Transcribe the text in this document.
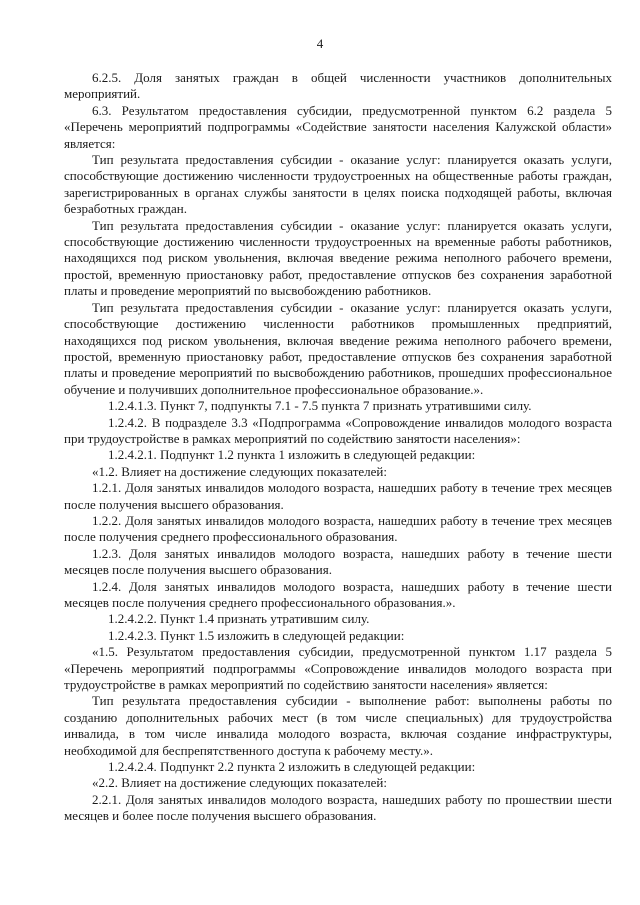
4

6.2.5. Доля занятых граждан в общей численности участников дополнительных мероприятий.

6.3. Результатом предоставления субсидии, предусмотренной пунктом 6.2 раздела 5 «Перечень мероприятий подпрограммы «Содействие занятости населения Калужской области» является:

Тип результата предоставления субсидии - оказание услуг: планируется оказать услуги, способствующие достижению численности трудоустроенных на общественные работы граждан, зарегистрированных в органах службы занятости в целях поиска подходящей работы, включая безработных граждан.

Тип результата предоставления субсидии - оказание услуг: планируется оказать услуги, способствующие достижению численности трудоустроенных на временные работы работников, находящихся под риском увольнения, включая введение режима неполного рабочего времени, простой, временную приостановку работ, предоставление отпусков без сохранения заработной платы и проведение мероприятий по высвобождению работников.

Тип результата предоставления субсидии - оказание услуг: планируется оказать услуги, способствующие достижению численности работников промышленных предприятий, находящихся под риском увольнения, включая введение режима неполного рабочего времени, простой, временную приостановку работ, предоставление отпусков без сохранения заработной платы и проведение мероприятий по высвобождению работников, прошедших профессиональное обучение и получивших дополнительное профессиональное образование.».

1.2.4.1.3. Пункт 7, подпункты 7.1 - 7.5 пункта 7 признать утратившими силу.

1.2.4.2. В подразделе 3.3 «Подпрограмма «Сопровождение инвалидов молодого возраста при трудоустройстве в рамках мероприятий по содействию занятости населения»:

1.2.4.2.1. Подпункт 1.2 пункта 1 изложить в следующей редакции:

«1.2. Влияет на достижение следующих показателей:

1.2.1. Доля занятых инвалидов молодого возраста, нашедших работу в течение трех месяцев после получения высшего образования.

1.2.2. Доля занятых инвалидов молодого возраста, нашедших работу в течение трех месяцев после получения среднего профессионального образования.

1.2.3. Доля занятых инвалидов молодого возраста, нашедших работу в течение шести месяцев после получения высшего образования.

1.2.4. Доля занятых инвалидов молодого возраста, нашедших работу в течение шести месяцев после получения среднего профессионального образования.».

1.2.4.2.2. Пункт 1.4 признать утратившим силу.

1.2.4.2.3. Пункт 1.5 изложить в следующей редакции:

«1.5. Результатом предоставления субсидии, предусмотренной пунктом 1.17 раздела 5 «Перечень мероприятий подпрограммы «Сопровождение инвалидов молодого возраста при трудоустройстве в рамках мероприятий по содействию занятости населения» является:

Тип результата предоставления субсидии - выполнение работ: выполнены работы по созданию дополнительных рабочих мест (в том числе специальных) для трудоустройства инвалида, в том числе инвалида молодого возраста, включая создание инфраструктуры, необходимой для беспрепятственного доступа к рабочему месту.».

1.2.4.2.4. Подпункт 2.2 пункта 2 изложить в следующей редакции:

«2.2. Влияет на достижение следующих показателей:

2.2.1. Доля занятых инвалидов молодого возраста, нашедших работу по прошествии шести месяцев и более после получения высшего образования.
